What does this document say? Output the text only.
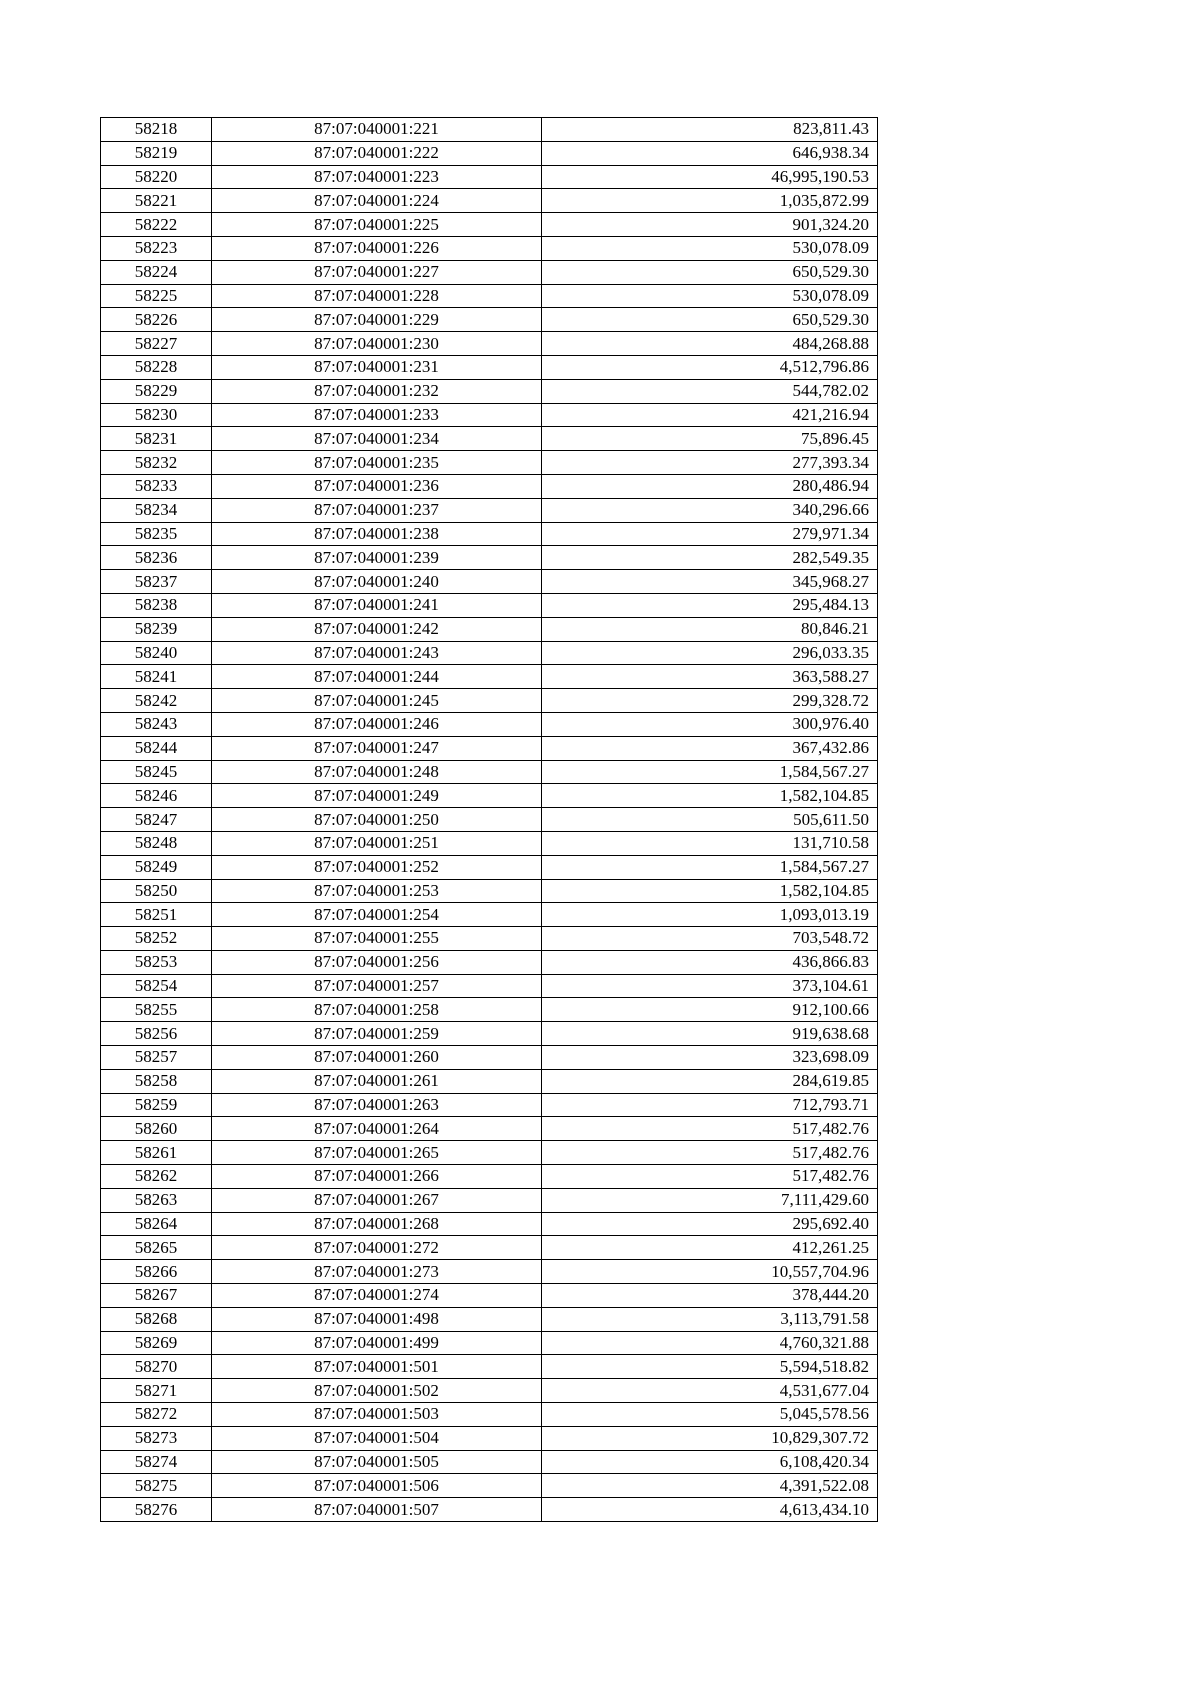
58218	87:07:040001:221	823,811.43
58219	87:07:040001:222	646,938.34
58220	87:07:040001:223	46,995,190.53
58221	87:07:040001:224	1,035,872.99
58222	87:07:040001:225	901,324.20
58223	87:07:040001:226	530,078.09
58224	87:07:040001:227	650,529.30
58225	87:07:040001:228	530,078.09
58226	87:07:040001:229	650,529.30
58227	87:07:040001:230	484,268.88
58228	87:07:040001:231	4,512,796.86
58229	87:07:040001:232	544,782.02
58230	87:07:040001:233	421,216.94
58231	87:07:040001:234	75,896.45
58232	87:07:040001:235	277,393.34
58233	87:07:040001:236	280,486.94
58234	87:07:040001:237	340,296.66
58235	87:07:040001:238	279,971.34
58236	87:07:040001:239	282,549.35
58237	87:07:040001:240	345,968.27
58238	87:07:040001:241	295,484.13
58239	87:07:040001:242	80,846.21
58240	87:07:040001:243	296,033.35
58241	87:07:040001:244	363,588.27
58242	87:07:040001:245	299,328.72
58243	87:07:040001:246	300,976.40
58244	87:07:040001:247	367,432.86
58245	87:07:040001:248	1,584,567.27
58246	87:07:040001:249	1,582,104.85
58247	87:07:040001:250	505,611.50
58248	87:07:040001:251	131,710.58
58249	87:07:040001:252	1,584,567.27
58250	87:07:040001:253	1,582,104.85
58251	87:07:040001:254	1,093,013.19
58252	87:07:040001:255	703,548.72
58253	87:07:040001:256	436,866.83
58254	87:07:040001:257	373,104.61
58255	87:07:040001:258	912,100.66
58256	87:07:040001:259	919,638.68
58257	87:07:040001:260	323,698.09
58258	87:07:040001:261	284,619.85
58259	87:07:040001:263	712,793.71
58260	87:07:040001:264	517,482.76
58261	87:07:040001:265	517,482.76
58262	87:07:040001:266	517,482.76
58263	87:07:040001:267	7,111,429.60
58264	87:07:040001:268	295,692.40
58265	87:07:040001:272	412,261.25
58266	87:07:040001:273	10,557,704.96
58267	87:07:040001:274	378,444.20
58268	87:07:040001:498	3,113,791.58
58269	87:07:040001:499	4,760,321.88
58270	87:07:040001:501	5,594,518.82
58271	87:07:040001:502	4,531,677.04
58272	87:07:040001:503	5,045,578.56
58273	87:07:040001:504	10,829,307.72
58274	87:07:040001:505	6,108,420.34
58275	87:07:040001:506	4,391,522.08
58276	87:07:040001:507	4,613,434.10
